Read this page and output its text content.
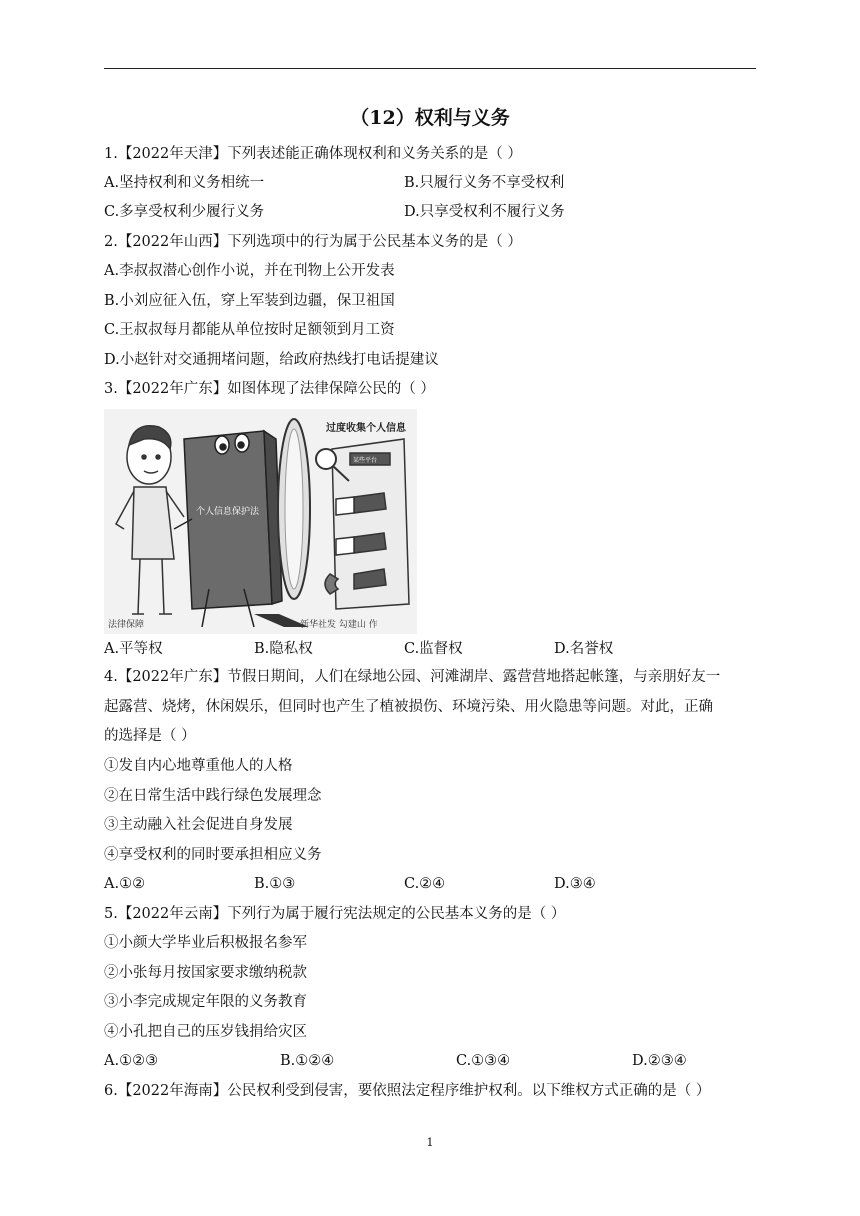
（12）权利与义务
1.【2022年天津】下列表述能正确体现权利和义务关系的是（ ）
A.坚持权利和义务相统一	B.只履行义务不享受权利
C.多享受权利少履行义务	D.只享受权利不履行义务
2.【2022年山西】下列选项中的行为属于公民基本义务的是（ ）
A.李叔叔潜心创作小说，并在刊物上公开发表
B.小刘应征入伍，穿上军装到边疆，保卫祖国
C.王叔叔每月都能从单位按时足额领到月工资
D.小赵针对交通拥堵问题，给政府热线打电话提建议
3.【2022年广东】如图体现了法律保障公民的（ ）
个人信息保护法
某些平台
过度收集个人信息
法律保障	新华社发 勾建山 作
A.平等权	B.隐私权	C.监督权	D.名誉权
4.【2022年广东】节假日期间，人们在绿地公园、河滩湖岸、露营营地搭起帐篷，与亲朋好友一
起露营、烧烤，休闲娱乐，但同时也产生了植被损伤、环境污染、用火隐患等问题。对此，正确
的选择是（ ）
①发自内心地尊重他人的人格
②在日常生活中践行绿色发展理念
③主动融入社会促进自身发展
④享受权利的同时要承担相应义务
A.①②	B.①③	C.②④	D.③④
5.【2022年云南】下列行为属于履行宪法规定的公民基本义务的是（ ）
①小颜大学毕业后积极报名参军
②小张每月按国家要求缴纳税款
③小李完成规定年限的义务教育
④小孔把自己的压岁钱捐给灾区
A.①②③	B.①②④	C.①③④	D.②③④
6.【2022年海南】公民权利受到侵害，要依照法定程序维护权利。以下维权方式正确的是（ ）
1
